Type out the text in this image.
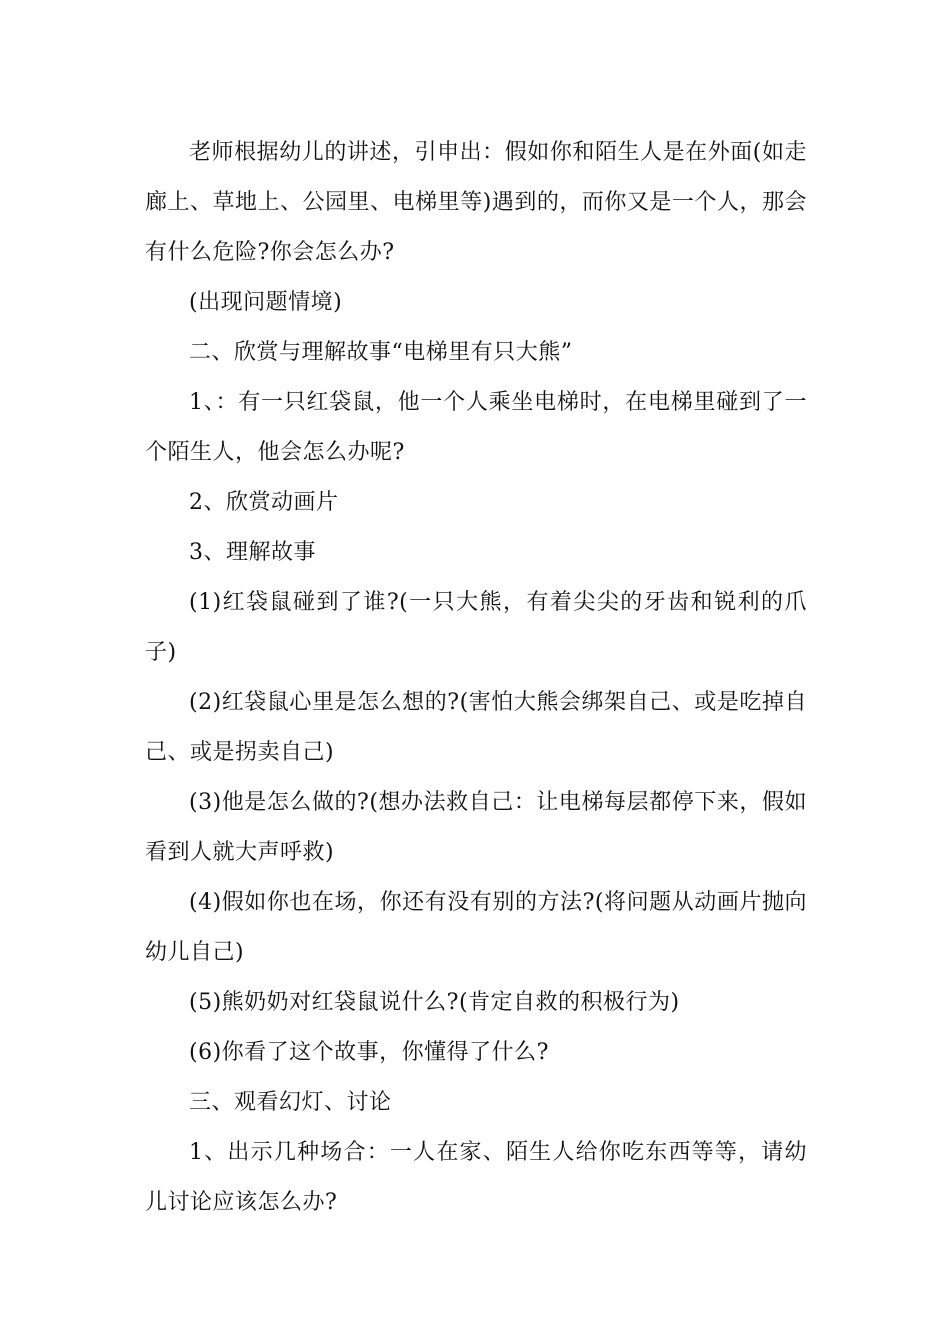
老师根据幼儿的讲述，引申出：假如你和陌生人是在外面(如走廊上、草地上、公园里、电梯里等)遇到的，而你又是一个人，那会有什么危险?你会怎么办?

(出现问题情境)

二、欣赏与理解故事“电梯里有只大熊”

1、：有一只红袋鼠，他一个人乘坐电梯时，在电梯里碰到了一个陌生人，他会怎么办呢?

2、欣赏动画片

3、理解故事

(1)红袋鼠碰到了谁?(一只大熊，有着尖尖的牙齿和锐利的爪子)

(2)红袋鼠心里是怎么想的?(害怕大熊会绑架自己、或是吃掉自己、或是拐卖自己)

(3)他是怎么做的?(想办法救自己：让电梯每层都停下来，假如看到人就大声呼救)

(4)假如你也在场，你还有没有别的方法?(将问题从动画片抛向幼儿自己)

(5)熊奶奶对红袋鼠说什么?(肯定自救的积极行为)

(6)你看了这个故事，你懂得了什么?

三、观看幻灯、讨论

1、出示几种场合：一人在家、陌生人给你吃东西等等，请幼儿讨论应该怎么办?
